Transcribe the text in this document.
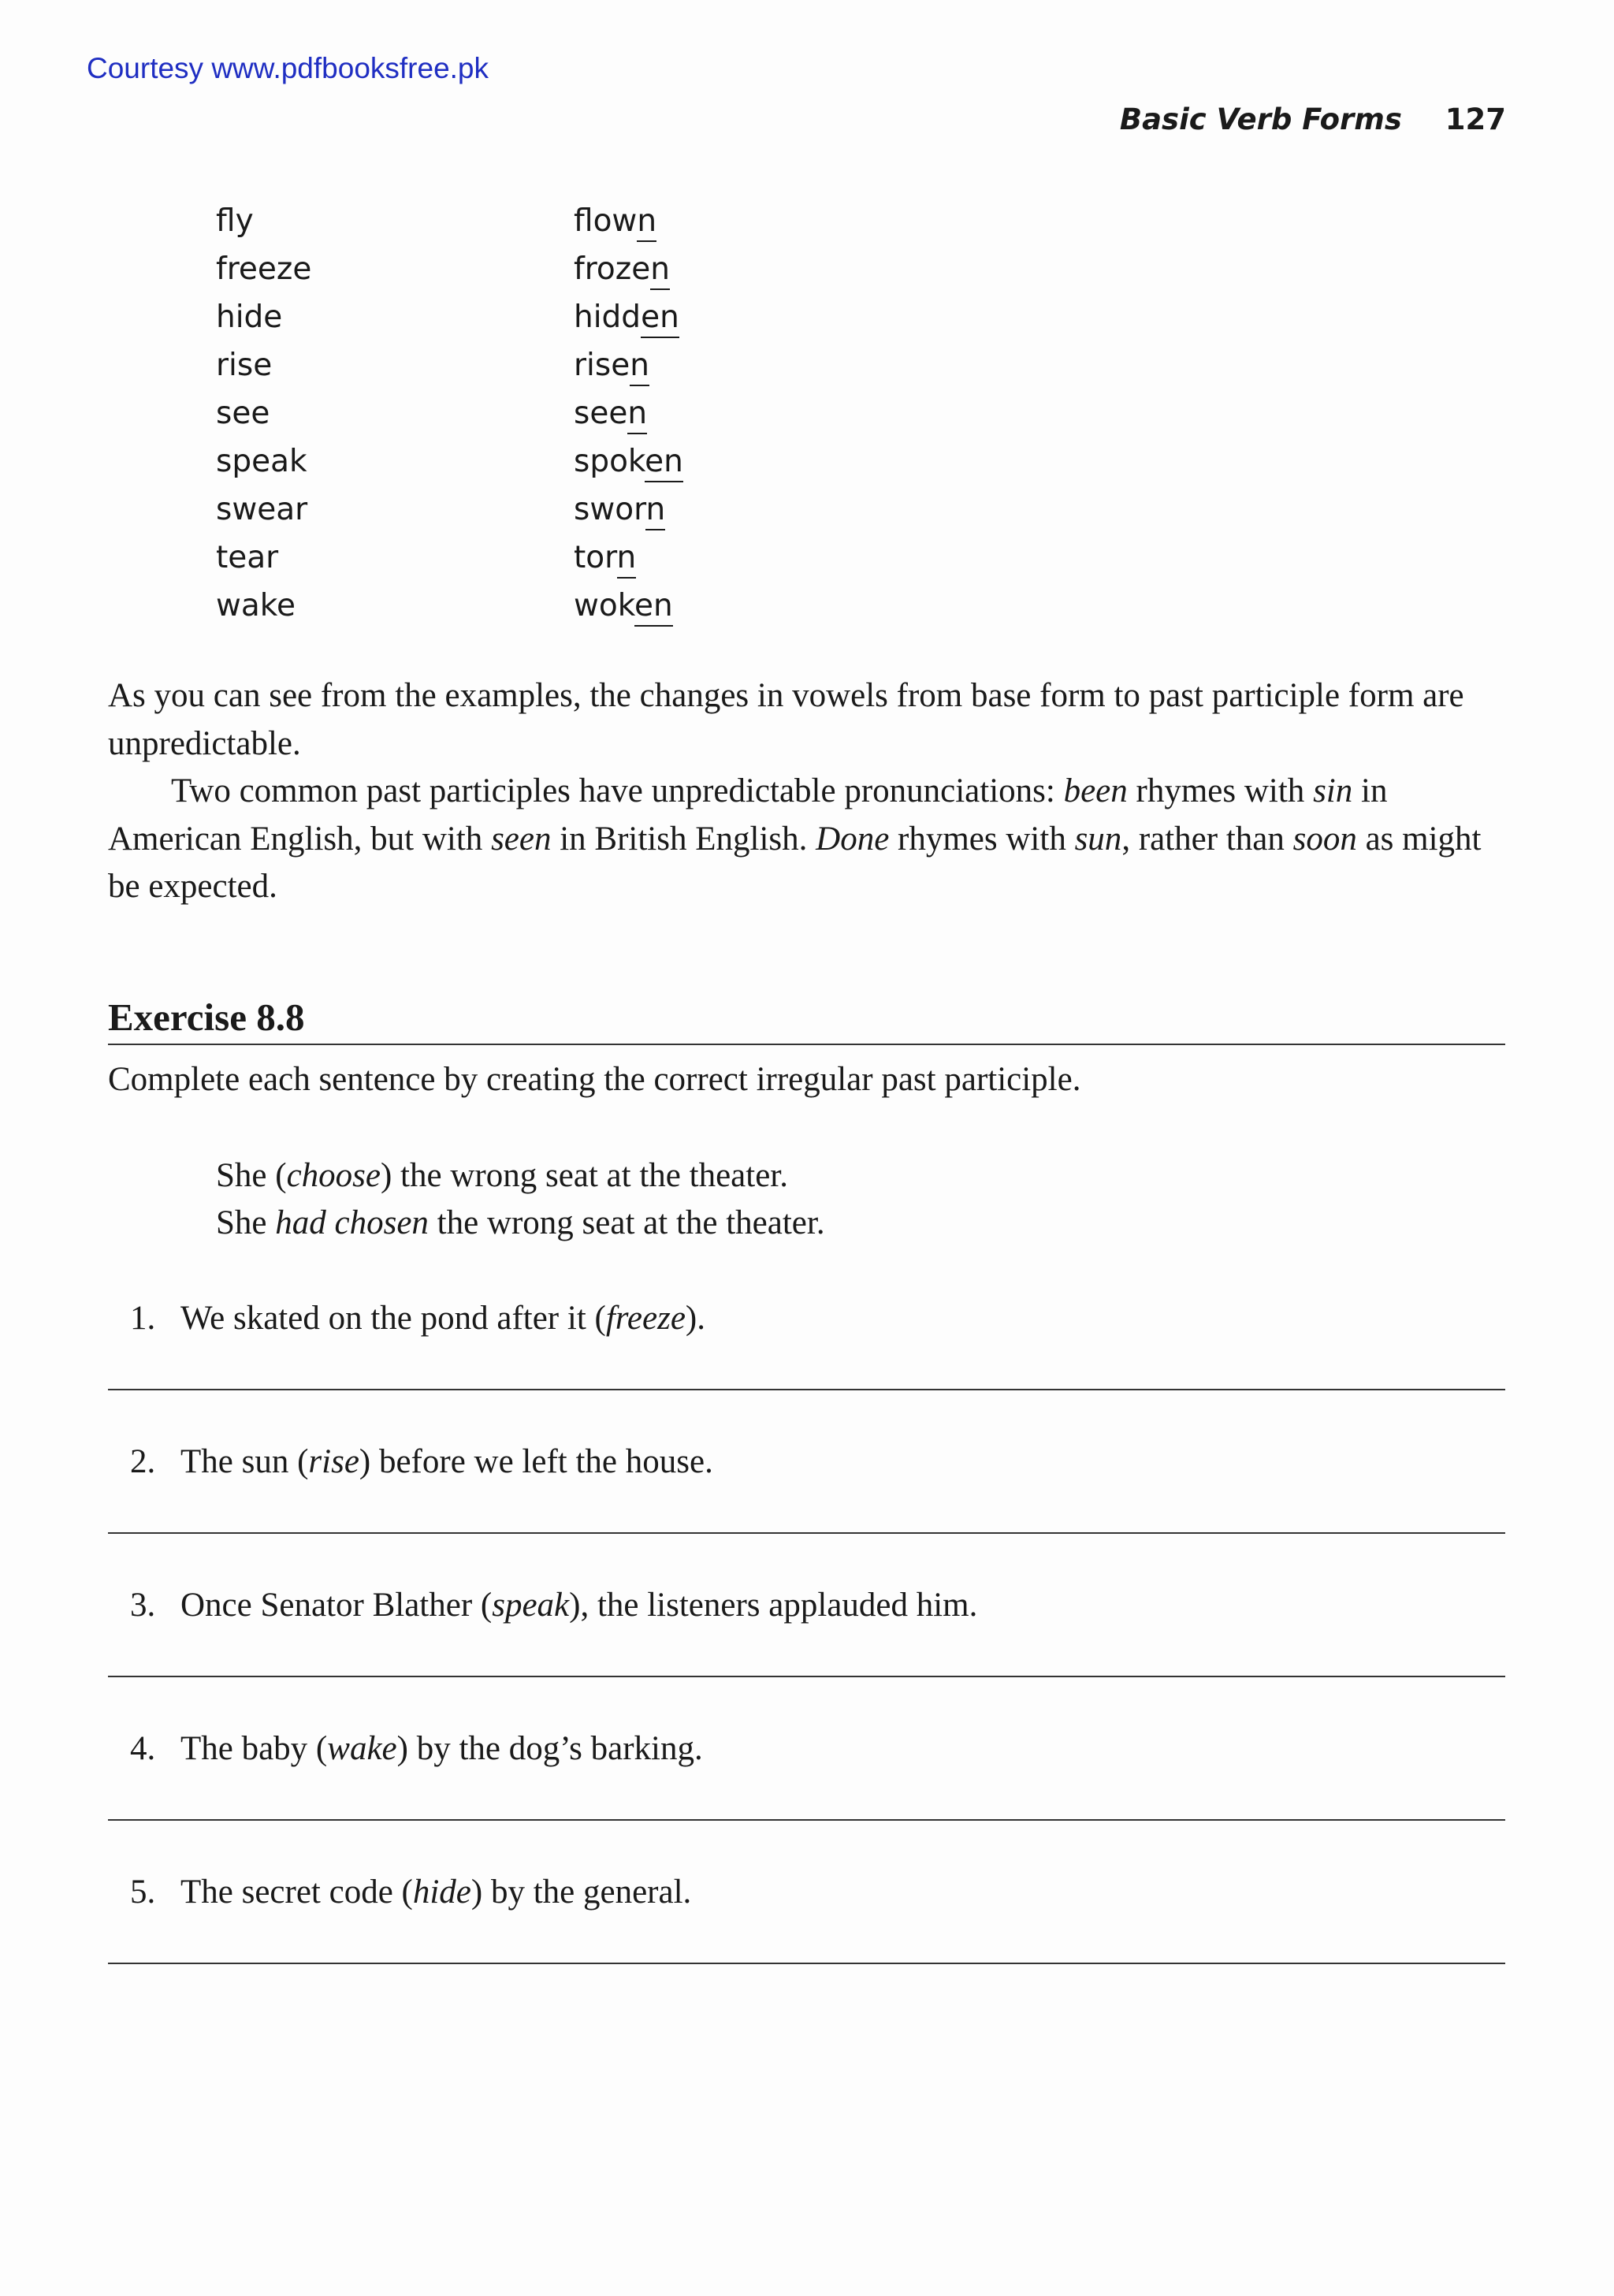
Courtesy www.pdfbooksfree.pk
Basic Verb Forms 127
fly	flown
freeze	frozen
hide	hidden
rise	risen
see	seen
speak	spoken
swear	sworn
tear	torn
wake	woken

As you can see from the examples, the changes in vowels from base form to past participle form are unpredictable.

Two common past participles have unpredictable pronunciations: been rhymes with sin in American English, but with seen in British English. Done rhymes with sun, rather than soon as might be expected.

Exercise 8.8
Complete each sentence by creating the correct irregular past participle.
She (choose) the wrong seat at the theater.
She had chosen the wrong seat at the theater.
1. We skated on the pond after it (freeze).
2. The sun (rise) before we left the house.
3. Once Senator Blather (speak), the listeners applauded him.
4. The baby (wake) by the dog’s barking.
5. The secret code (hide) by the general.
